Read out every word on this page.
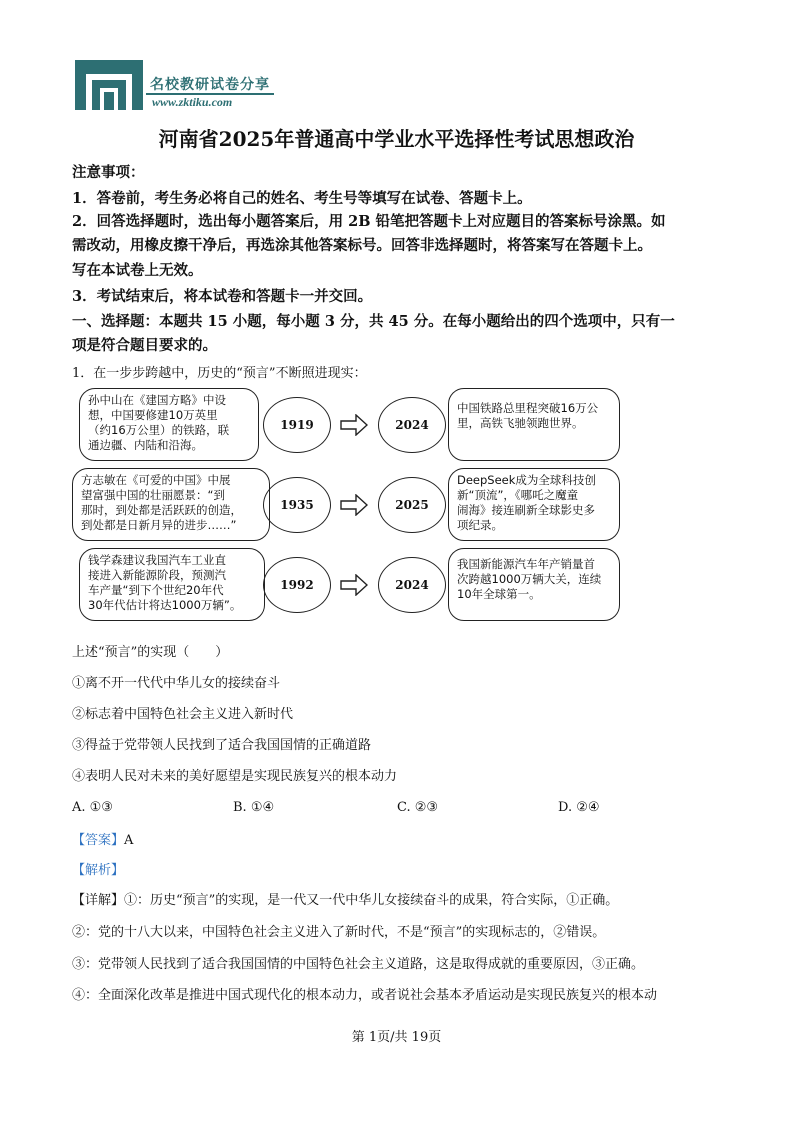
名校教研试卷分享
www.zktiku.com
河南省2025年普通高中学业水平选择性考试思想政治
注意事项：
1．答卷前，考生务必将自己的姓名、考生号等填写在试卷、答题卡上。
2．回答选择题时，选出每小题答案后，用 2B 铅笔把答题卡上对应题目的答案标号涂黑。如
需改动，用橡皮擦干净后，再选涂其他答案标号。回答非选择题时，将答案写在答题卡上。
写在本试卷上无效。
3．考试结束后，将本试卷和答题卡一并交回。
一、选择题：本题共 15 小题，每小题 3 分，共 45 分。在每小题给出的四个选项中，只有一
项是符合题目要求的。
1．在一步步跨越中，历史的“预言”不断照进现实：
孙中山在《建国方略》中设
想，中国要修建10万英里
（约16万公里）的铁路，联
通边疆、内陆和沿海。
1919	2024
中国铁路总里程突破16万公
里，高铁飞驰领跑世界。
方志敏在《可爱的中国》中展
望富强中国的壮丽愿景：“到
那时，到处都是活跃跃的创造，
到处都是日新月异的进步……”
1935	2025
DeepSeek成为全球科技创
新“顶流”，《哪吒之魔童
闹海》接连刷新全球影史多
项纪录。
钱学森建议我国汽车工业直
接进入新能源阶段，预测汽
车产量“到下个世纪20年代
30年代估计将达1000万辆”。
1992	2024
我国新能源汽车年产销量首
次跨越1000万辆大关，连续
10年全球第一。
上述“预言”的实现（　　）
①离不开一代代中华儿女的接续奋斗
②标志着中国特色社会主义进入新时代
③得益于党带领人民找到了适合我国国情的正确道路
④表明人民对未来的美好愿望是实现民族复兴的根本动力
A. ①③	B. ①④	C. ②③	D. ②④
【答案】A
【解析】
【详解】①：历史“预言”的实现，是一代又一代中华儿女接续奋斗的成果，符合实际，①正确。
②：党的十八大以来，中国特色社会主义进入了新时代，不是“预言”的实现标志的，②错误。
③：党带领人民找到了适合我国国情的中国特色社会主义道路，这是取得成就的重要原因，③正确。
④：全面深化改革是推进中国式现代化的根本动力，或者说社会基本矛盾运动是实现民族复兴的根本动
第 1页/共 19页
